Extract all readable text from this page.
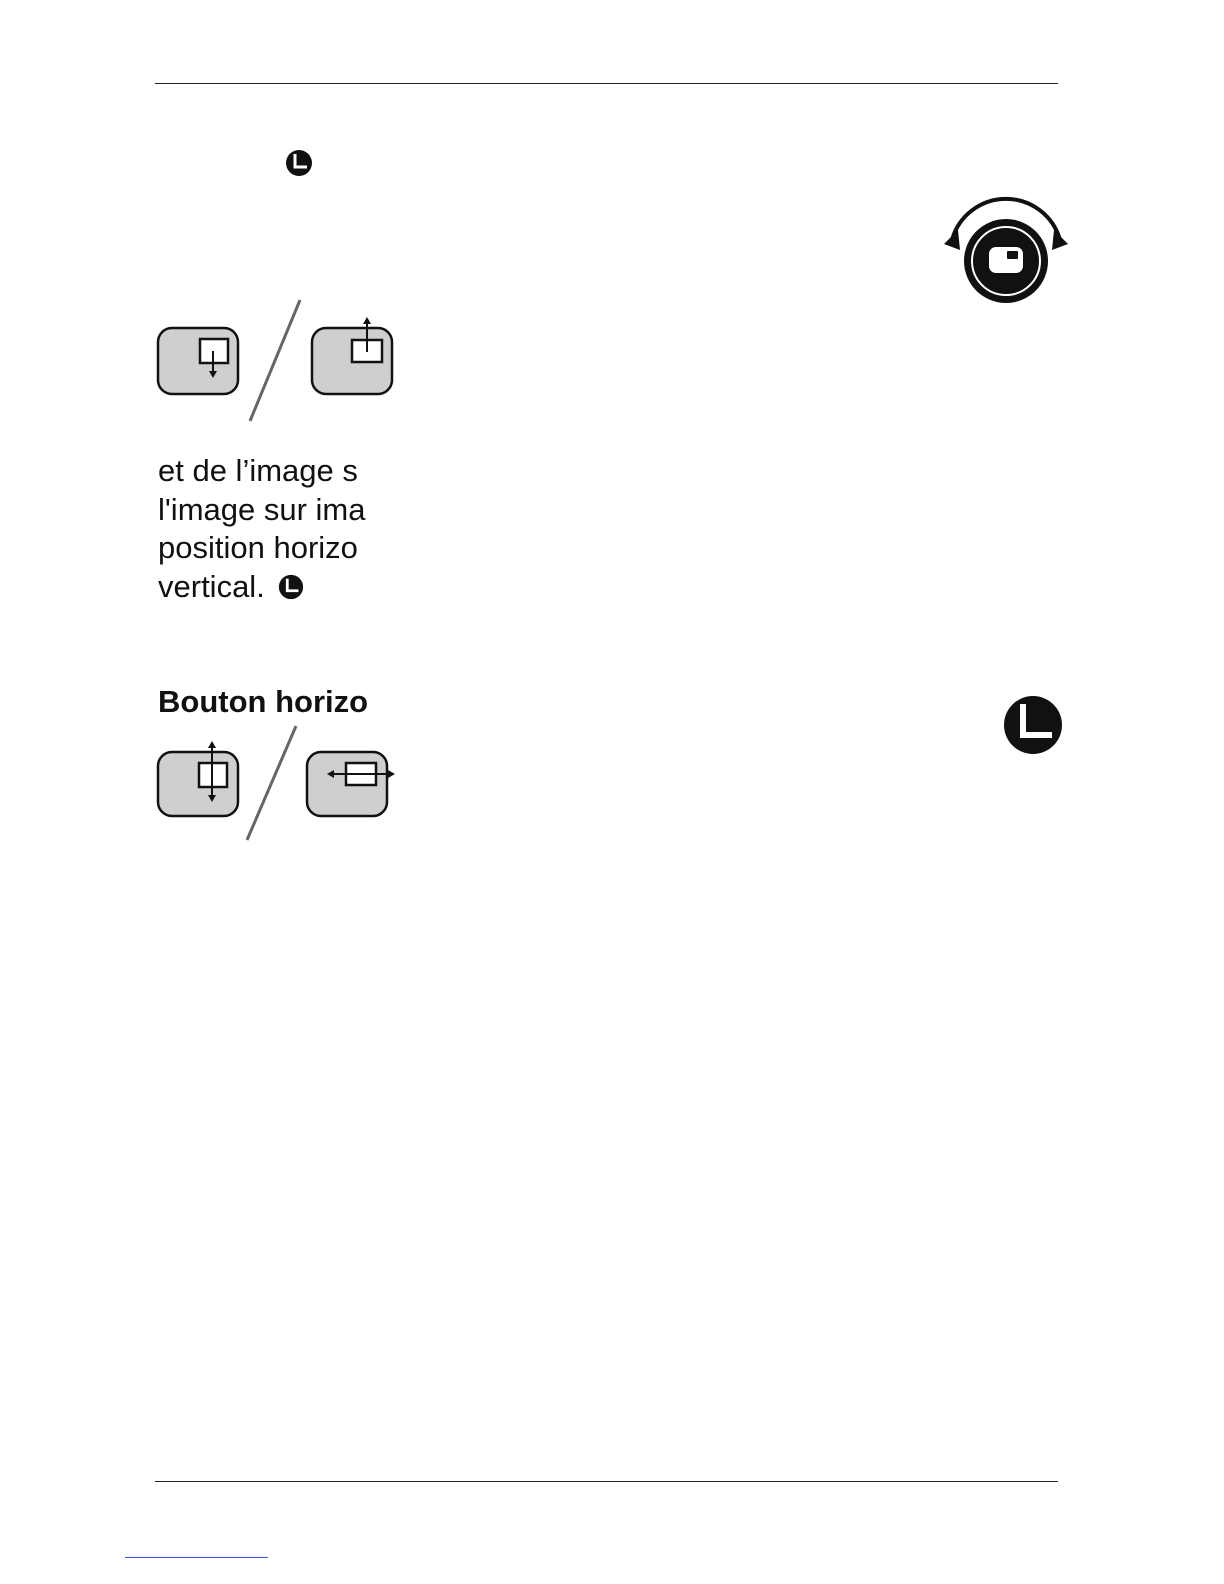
et de l’image s
l'image sur ima
position horizo
vertical.
Bouton horizo
